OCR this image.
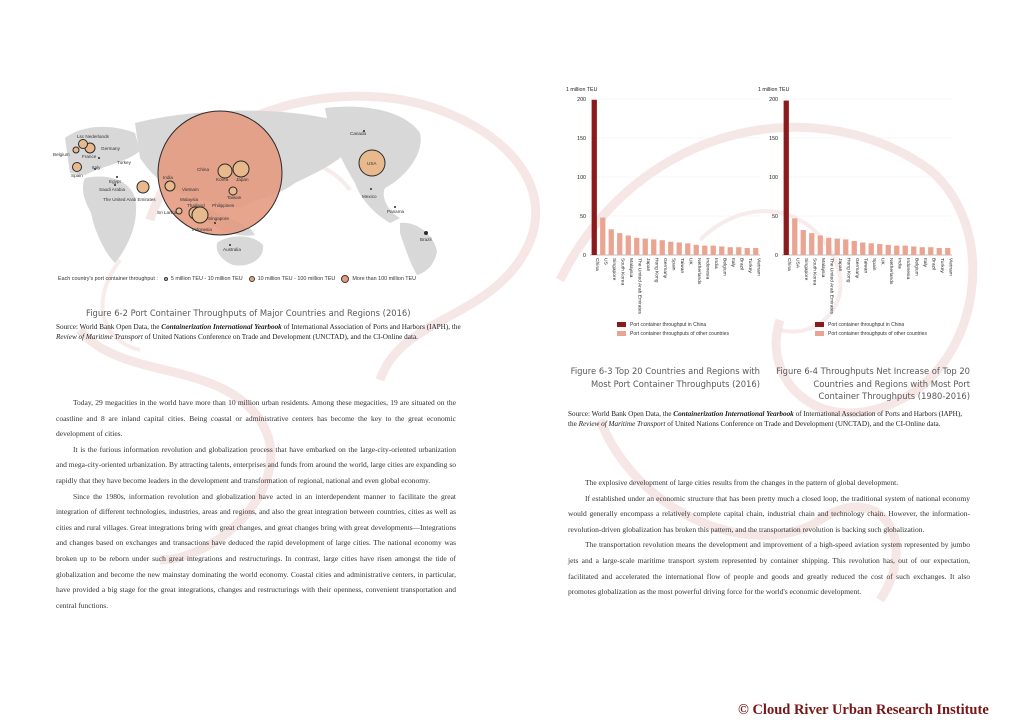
Lsc Nederlands
Belgium
Germany
France
Spain
Italy
Turkey
Egypt
Saudi Arabia
The United Arab Emirates
India
Sri Lanka
Malaysia
Singapore
Indonesia
Australia
Canada
USA
Mexico
Panama
Brazil
China
Japan
Korea
Taiwan
Vietnam
Philippines
Thailand
Each country's port container throughput : 5 million TEU - 10 million TEU	10 million TEU - 100 million TEU	More than 100 million TEU
Figure 6-2 Port Container Throughputs of Major Countries and Regions (2016)
Source: World Bank Open Data, the Containerization International Yearbook of International Association of Ports and Harbors (IAPH), the Review of Maritime Transport of United Nations Conference on Trade and Development (UNCTAD), and the CI-Online data.

Today, 29 megacities in the world have more than 10 million urban residents. Among these megacities, 19 are situated on the coastline and 8 are inland capital cities. Being coastal or administrative centers has become the key to the great economic development of cities.

It is the furious information revolution and globalization process that have embarked on the large-city-oriented urbanization and mega-city-oriented urbanization. By attracting talents, enterprises and funds from around the world, large cities are expanding so rapidly that they have become leaders in the development and transformation of regional, national and even global economy.

Since the 1980s, information revolution and globalization have acted in an interdependent manner to facilitate the great integration of different technologies, industries, areas and regions, and also the great integration between countries, cities as well as cities and rural villages. Great integrations bring with great changes, and great changes bring with great developments—Integrations and changes based on exchanges and transactions have deduced the rapid development of large cities. The national economy was broken up to be reborn under such great integrations and restructurings. In contrast, large cities have risen amongst the tide of globalization and become the new mainstay dominating the world economy. Coastal cities and administrative centers, in particular, have provided a big stage for the great integrations, changes and restructurings with their openness, convenient transportation and central functions.

1 million TEU
0
50
100
150
200
China US Singapore South Korea Malaysia The United Arab Emirates Japan Hong Kong Germany Spain Taiwan UK Netherlands Indonesia India Belgium Italy Brazil Turkey Vietnam
1 million TEU
0
50
100
150
200
China USA Singapore South Korea Malaysia The United Arab Emirates Japan Hong Kong Germany Taiwan Spain UK Netherlands India Indonesia Belgium Italy Brazil Turkey Vietnam
Port container throughput in China
Port container throughputs of other countries
Port container throughput in China
Port container throughputs of other countries
Figure 6-3 Top 20 Countries and Regions with Most Port Container Throughputs (2016)
Figure 6-4 Throughputs Net Increase of Top 20 Countries and Regions with Most Port Container Throughputs (1980-2016)
Source: World Bank Open Data, the Containerization International Yearbook of International Association of Ports and Harbors (IAPH), the Review of Maritime Transport of United Nations Conference on Trade and Development (UNCTAD), and the CI-Online data.

The explosive development of large cities results from the changes in the pattern of global development.

If established under an economic structure that has been pretty much a closed loop, the traditional system of national economy would generally encompass a relatively complete capital chain, industrial chain and technology chain. However, the information-revolution-driven globalization has broken this pattern, and the transportation revolution is backing such globalization.

The transportation revolution means the development and improvement of a high-speed aviation system represented by jumbo jets and a large-scale maritime transport system represented by container shipping. This revolution has, out of our expectation, facilitated and accelerated the international flow of people and goods and greatly reduced the cost of such exchanges. It also promotes globalization as the most powerful driving force for the world's economic development.

© Cloud River Urban Research Institute
